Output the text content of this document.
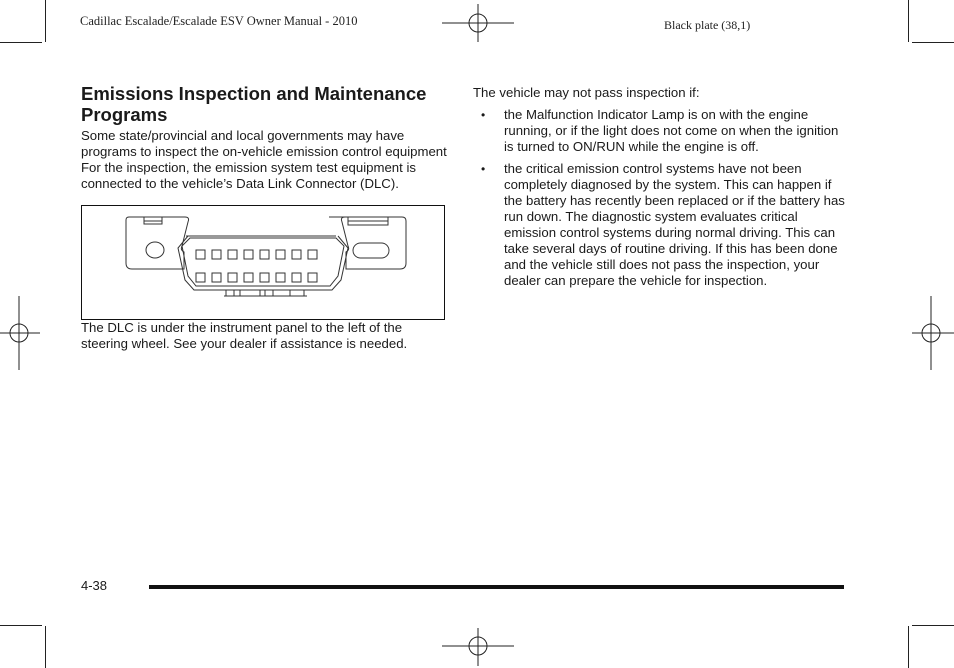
Cadillac Escalade/Escalade ESV Owner Manual - 2010	Black plate (38,1)
Emissions Inspection and Maintenance Programs

Some state/provincial and local governments may have programs to inspect the on-vehicle emission control equipment For the inspection, the emission system test equipment is connected to the vehicle’s Data Link Connector (DLC).

The DLC is under the instrument panel to the left of the steering wheel. See your dealer if assistance is needed.

The vehicle may not pass inspection if:

• the Malfunction Indicator Lamp is on with the engine running, or if the light does not come on when the ignition is turned to ON/RUN while the engine is off.
• the critical emission control systems have not been completely diagnosed by the system. This can happen if the battery has recently been replaced or if the battery has run down. The diagnostic system evaluates critical emission control systems during normal driving. This can take several days of routine driving. If this has been done and the vehicle still does not pass the inspection, your dealer can prepare the vehicle for inspection.
4-38
